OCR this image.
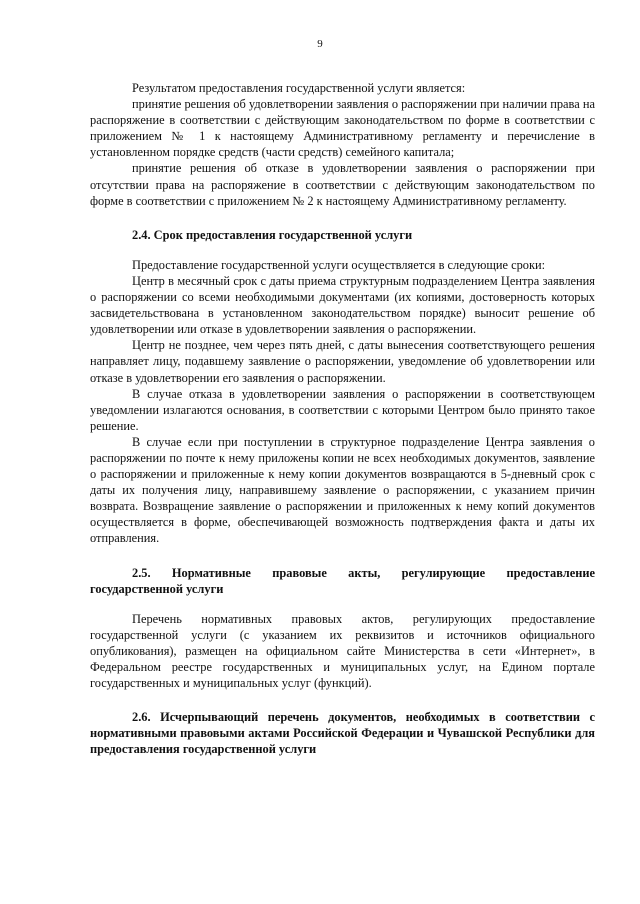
9

Результатом предоставления государственной услуги является:

принятие решения об удовлетворении заявления о распоряжении при наличии права на распоряжение в соответствии с действующим законодательством по форме в соответствии с приложением № 1 к настоящему Административному регламенту и перечисление в установленном порядке средств (части средств) семейного капитала;

принятие решения об отказе в удовлетворении заявления о распоряжении при отсутствии права на распоряжение в соответствии с действующим законодательством по форме в соответствии с приложением № 2 к настоящему Административному регламенту.

2.4. Срок предоставления государственной услуги

Предоставление государственной услуги осуществляется в следующие сроки:

Центр в месячный срок с даты приема структурным подразделением Центра заявления о распоряжении со всеми необходимыми документами (их копиями, достоверность которых засвидетельствована в установленном законодательством порядке) выносит решение об удовлетворении или отказе в удовлетворении заявления о распоряжении.

Центр не позднее, чем через пять дней, с даты вынесения соответствующего решения направляет лицу, подавшему заявление о распоряжении, уведомление об удовлетворении или отказе в удовлетворении его заявления о распоряжении.

В случае отказа в удовлетворении заявления о распоряжении в соответствующем уведомлении излагаются основания, в соответствии с которыми Центром было принято такое решение.

В случае если при поступлении в структурное подразделение Центра заявления о распоряжении по почте к нему приложены копии не всех необходимых документов, заявление о распоряжении и приложенные к нему копии документов возвращаются в 5-дневный срок с даты их получения лицу, направившему заявление о распоряжении, с указанием причин возврата. Возвращение заявление о распоряжении и приложенных к нему копий документов осуществляется в форме, обеспечивающей возможность подтверждения факта и даты их отправления.

2.5. Нормативные правовые акты, регулирующие предоставление государственной услуги

Перечень нормативных правовых актов, регулирующих предоставление государственной услуги (с указанием их реквизитов и источников официального опубликования), размещен на официальном сайте Министерства в сети «Интернет», в Федеральном реестре государственных и муниципальных услуг, на Едином портале государственных и муниципальных услуг (функций).

2.6. Исчерпывающий перечень документов, необходимых в соответствии с нормативными правовыми актами Российской Федерации и Чувашской Республики для предоставления государственной услуги
